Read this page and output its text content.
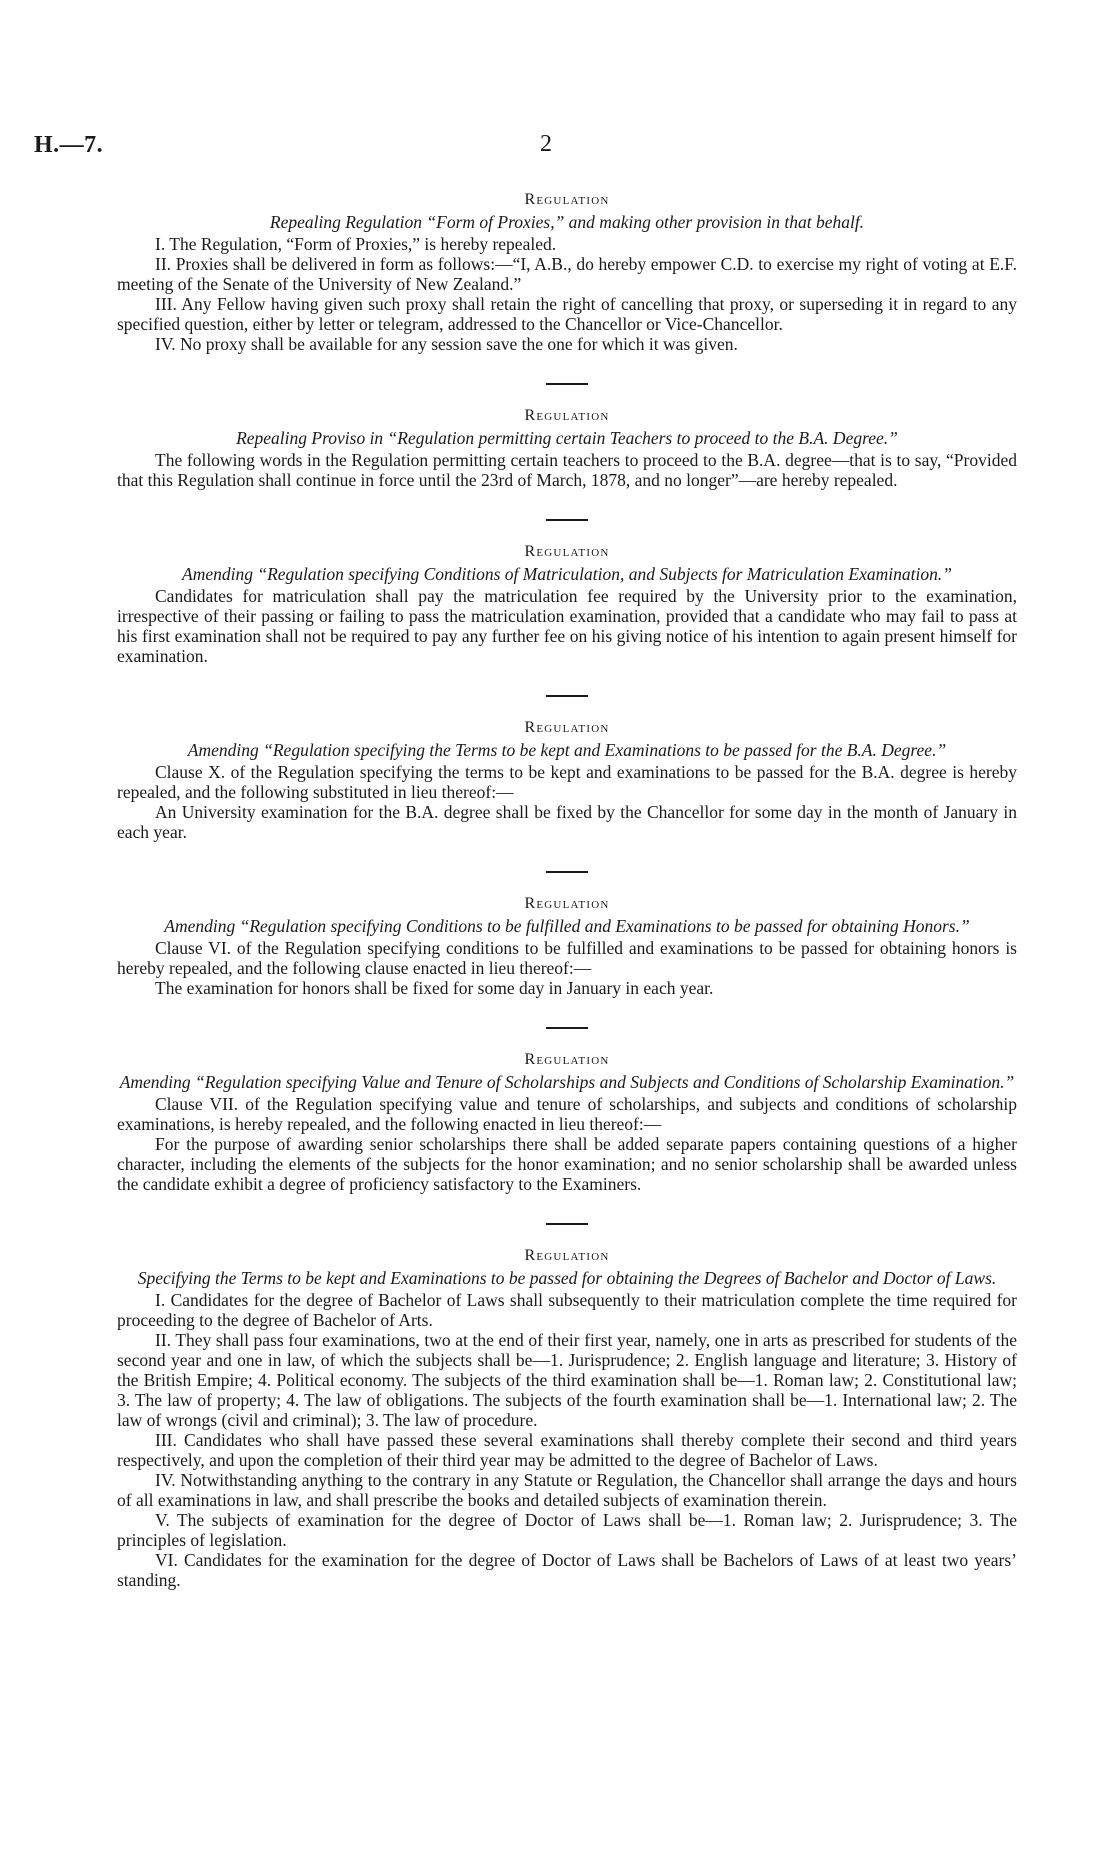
H.—7.	2
Regulation
Repealing Regulation “Form of Proxies,” and making other provision in that behalf.

I. The Regulation, “Form of Proxies,” is hereby repealed.

II. Proxies shall be delivered in form as follows:—“I, A.B., do hereby empower C.D. to exercise my right of voting at E.F. meeting of the Senate of the University of New Zealand.”

III. Any Fellow having given such proxy shall retain the right of cancelling that proxy, or superseding it in regard to any specified question, either by letter or telegram, addressed to the Chancellor or Vice-Chancellor.

IV. No proxy shall be available for any session save the one for which it was given.

Regulation
Repealing Proviso in “Regulation permitting certain Teachers to proceed to the B.A. Degree.”

The following words in the Regulation permitting certain teachers to proceed to the B.A. degree—that is to say, “Provided that this Regulation shall continue in force until the 23rd of March, 1878, and no longer”—are hereby repealed.

Regulation
Amending “Regulation specifying Conditions of Matriculation, and Subjects for Matriculation Examination.”

Candidates for matriculation shall pay the matriculation fee required by the University prior to the examination, irrespective of their passing or failing to pass the matriculation examination, provided that a candidate who may fail to pass at his first examination shall not be required to pay any further fee on his giving notice of his intention to again present himself for examination.

Regulation
Amending “Regulation specifying the Terms to be kept and Examinations to be passed for the B.A. Degree.”

Clause X. of the Regulation specifying the terms to be kept and examinations to be passed for the B.A. degree is hereby repealed, and the following substituted in lieu thereof:—

An University examination for the B.A. degree shall be fixed by the Chancellor for some day in the month of January in each year.

Regulation
Amending “Regulation specifying Conditions to be fulfilled and Examinations to be passed for obtaining Honors.”

Clause VI. of the Regulation specifying conditions to be fulfilled and examinations to be passed for obtaining honors is hereby repealed, and the following clause enacted in lieu thereof:—

The examination for honors shall be fixed for some day in January in each year.

Regulation
Amending “Regulation specifying Value and Tenure of Scholarships and Subjects and Conditions of Scholarship Examination.”

Clause VII. of the Regulation specifying value and tenure of scholarships, and subjects and conditions of scholarship examinations, is hereby repealed, and the following enacted in lieu thereof:—

For the purpose of awarding senior scholarships there shall be added separate papers containing questions of a higher character, including the elements of the subjects for the honor examination; and no senior scholarship shall be awarded unless the candidate exhibit a degree of proficiency satisfactory to the Examiners.

Regulation
Specifying the Terms to be kept and Examinations to be passed for obtaining the Degrees of Bachelor and Doctor of Laws.

I. Candidates for the degree of Bachelor of Laws shall subsequently to their matriculation complete the time required for proceeding to the degree of Bachelor of Arts.

II. They shall pass four examinations, two at the end of their first year, namely, one in arts as prescribed for students of the second year and one in law, of which the subjects shall be—1. Jurisprudence; 2. English language and literature; 3. History of the British Empire; 4. Political economy. The subjects of the third examination shall be—1. Roman law; 2. Constitutional law; 3. The law of property; 4. The law of obligations. The subjects of the fourth examination shall be—1. International law; 2. The law of wrongs (civil and criminal); 3. The law of procedure.

III. Candidates who shall have passed these several examinations shall thereby complete their second and third years respectively, and upon the completion of their third year may be admitted to the degree of Bachelor of Laws.

IV. Notwithstanding anything to the contrary in any Statute or Regulation, the Chancellor shall arrange the days and hours of all examinations in law, and shall prescribe the books and detailed subjects of examination therein.

V. The subjects of examination for the degree of Doctor of Laws shall be—1. Roman law; 2. Jurisprudence; 3. The principles of legislation.

VI. Candidates for the examination for the degree of Doctor of Laws shall be Bachelors of Laws of at least two years’ standing.
